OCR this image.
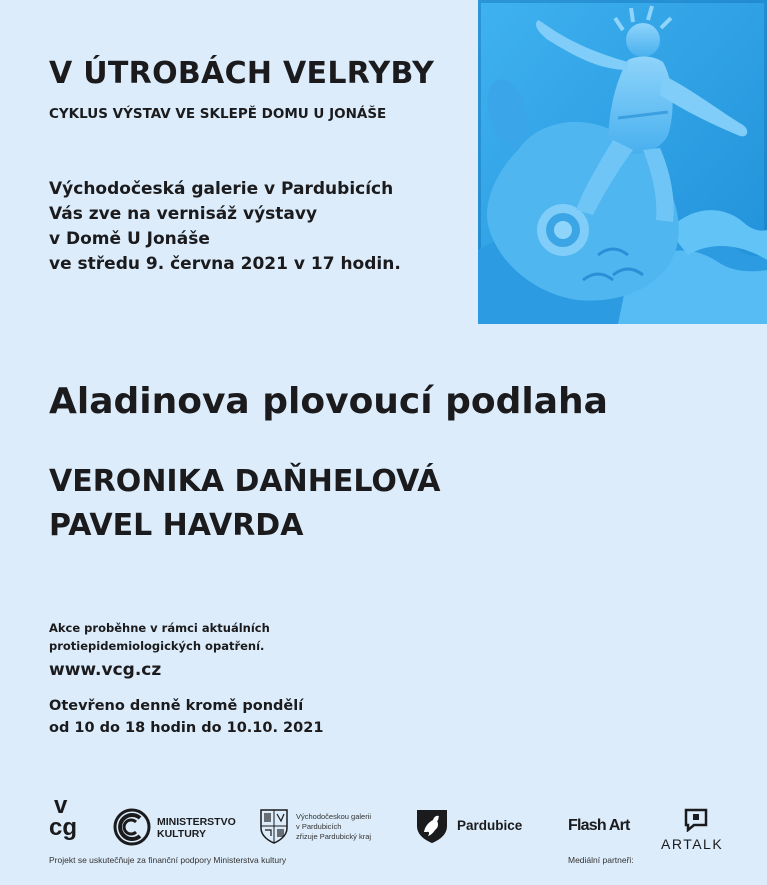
V ÚTROBÁCH VELRYBY
CYKLUS VÝSTAV VE SKLEPĚ DOMU U JONÁŠE

Východočeská galerie v Pardubicích
Vás zve na vernisáž výstavy
v Domě U Jonáše
ve středu 9. června 2021 v 17 hodin.

Aladinova plovoucí podlaha
VERONIKA DAŇHELOVÁ
PAVEL HAVRDA

Akce proběhne v rámci aktuálních
protiepidemiologických opatření.

www.vcg.cz

Otevřeno denně kromě pondělí
od 10 do 18 hodin do 10.10. 2021

v
cg	MINISTERSTVO
KULTURY
Východočeskou galerii
v Pardubicích
zřizuje Pardubický kraj
Pardubice	Flash Art
ARTALK
Projekt se uskutečňuje za finanční podpory Ministerstva kultury	Mediální partneři:
